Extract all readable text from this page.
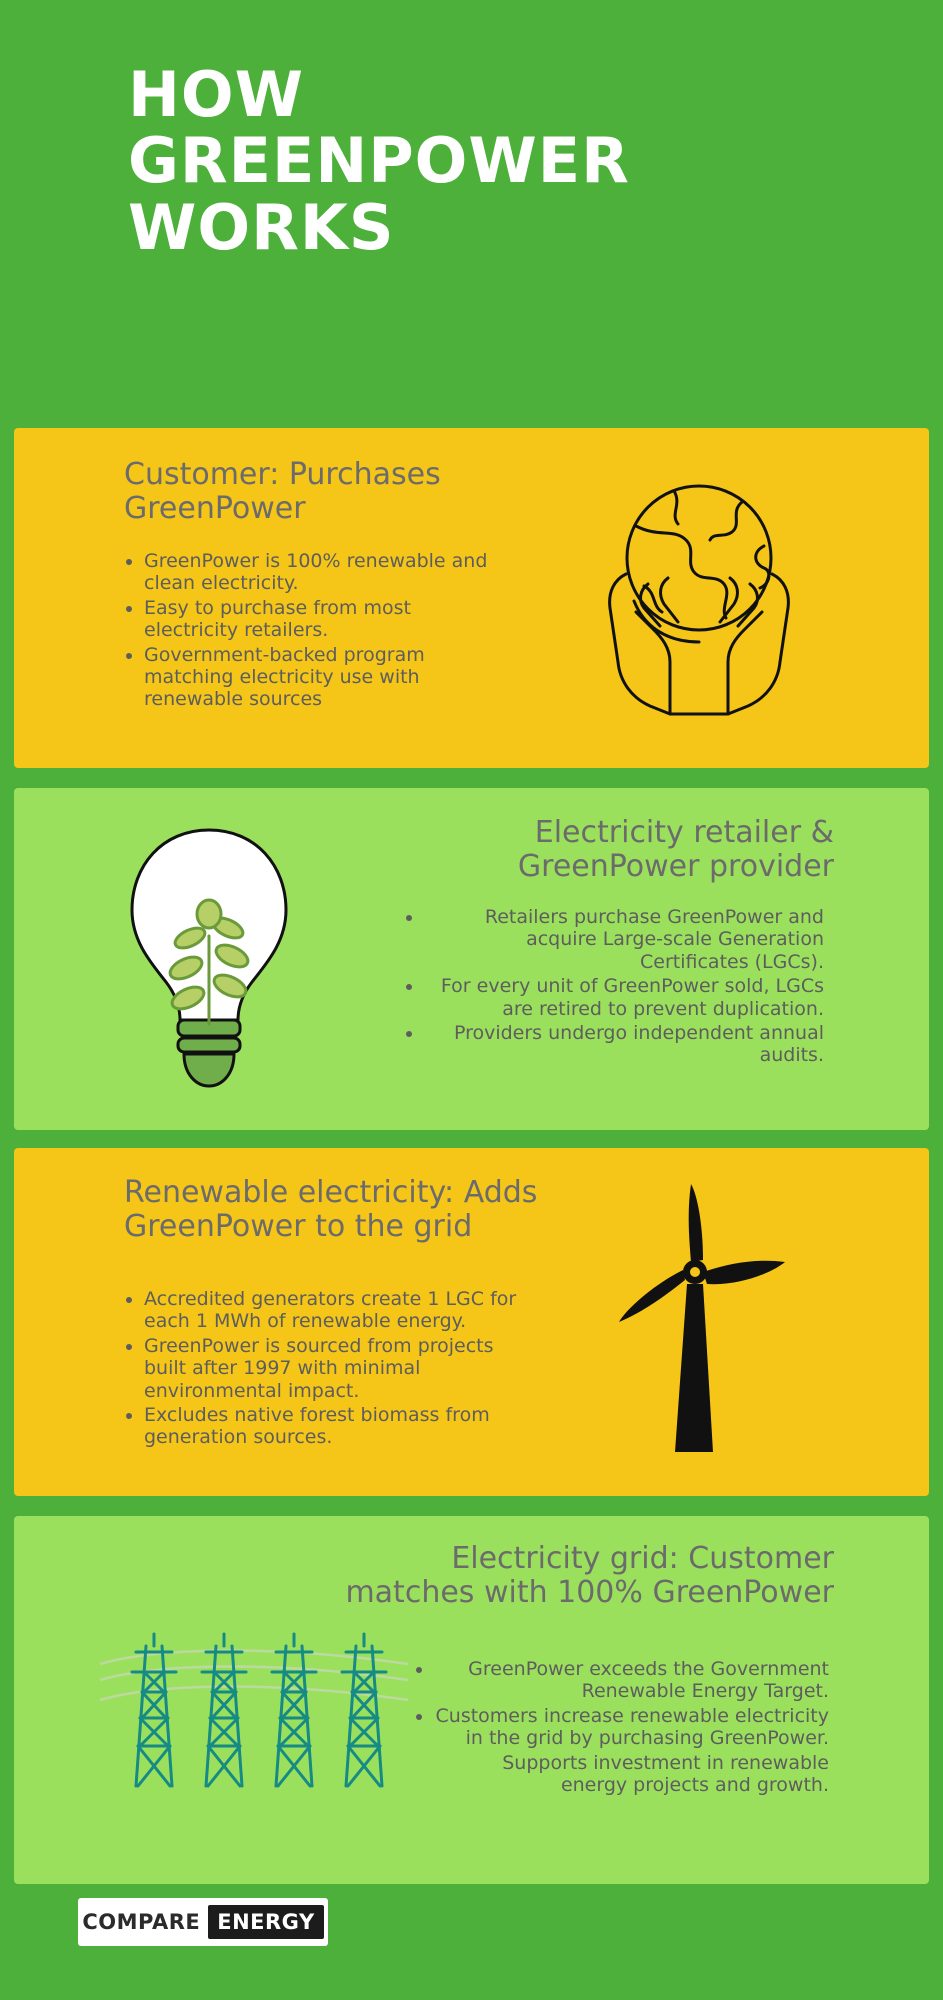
HOW GREENPOWER WORKS
Customer: Purchases GreenPower
• GreenPower is 100% renewable and clean electricity.
• Easy to purchase from most electricity retailers.
• Government-backed program matching electricity use with renewable sources
Electricity retailer & GreenPower provider
• Retailers purchase GreenPower and acquire Large-scale Generation Certificates (LGCs).
• For every unit of GreenPower sold, LGCs are retired to prevent duplication.
• Providers undergo independent annual audits.
Renewable electricity: Adds GreenPower to the grid
• Accredited generators create 1 LGC for each 1 MWh of renewable energy.
• GreenPower is sourced from projects built after 1997 with minimal environmental impact.
• Excludes native forest biomass from generation sources.
Electricity grid: Customer matches with 100% GreenPower
• GreenPower exceeds the Government Renewable Energy Target.
• Customers increase renewable electricity in the grid by purchasing GreenPower.
Supports investment in renewable energy projects and growth.
COMPARE ENERGY
